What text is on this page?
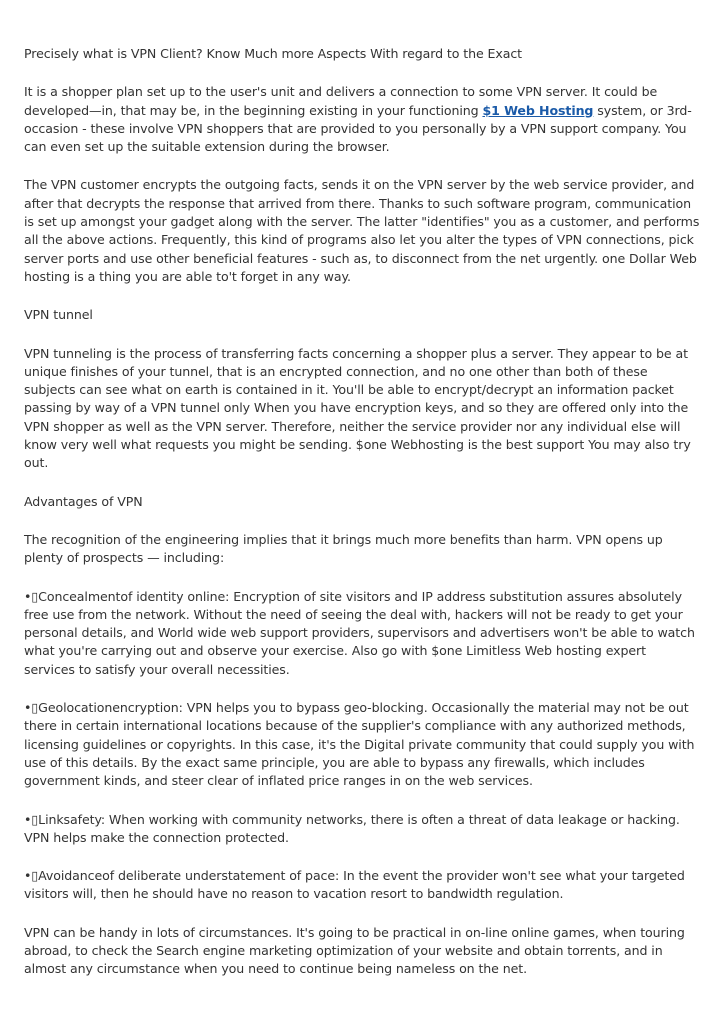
Precisely what is VPN Client? Know Much more Aspects With regard to the Exact

It is a shopper plan set up to the user's unit and delivers a connection to some VPN server. It could be developed—in, that may be, in the beginning existing in your functioning $1 Web Hosting system, or 3rd-occasion - these involve VPN shoppers that are provided to you personally by a VPN support company. You can even set up the suitable extension during the browser.

The VPN customer encrypts the outgoing facts, sends it on the VPN server by the web service provider, and after that decrypts the response that arrived from there. Thanks to such software program, communication is set up amongst your gadget along with the server. The latter "identifies" you as a customer, and performs all the above actions. Frequently, this kind of programs also let you alter the types of VPN connections, pick server ports and use other beneficial features - such as, to disconnect from the net urgently. one Dollar Web hosting is a thing you are able to't forget in any way.

VPN tunnel

VPN tunneling is the process of transferring facts concerning a shopper plus a server. They appear to be at unique finishes of your tunnel, that is an encrypted connection, and no one other than both of these subjects can see what on earth is contained in it. You'll be able to encrypt/decrypt an information packet passing by way of a VPN tunnel only When you have encryption keys, and so they are offered only into the VPN shopper as well as the VPN server. Therefore, neither the service provider nor any individual else will know very well what requests you might be sending. $one Webhosting is the best support You may also try out.

Advantages of VPN

The recognition of the engineering implies that it brings much more benefits than harm. VPN opens up plenty of prospects — including:

•▯Concealmentof identity online: Encryption of site visitors and IP address substitution assures absolutely free use from the network. Without the need of seeing the deal with, hackers will not be ready to get your personal details, and World wide web support providers, supervisors and advertisers won't be able to watch what you're carrying out and observe your exercise. Also go with $one Limitless Web hosting expert services to satisfy your overall necessities.

•▯Geolocationencryption: VPN helps you to bypass geo-blocking. Occasionally the material may not be out there in certain international locations because of the supplier's compliance with any authorized methods, licensing guidelines or copyrights. In this case, it's the Digital private community that could supply you with use of this details. By the exact same principle, you are able to bypass any firewalls, which includes government kinds, and steer clear of inflated price ranges in on the web services.

•▯Linksafety: When working with community networks, there is often a threat of data leakage or hacking. VPN helps make the connection protected.

•▯Avoidanceof deliberate understatement of pace: In the event the provider won't see what your targeted visitors will, then he should have no reason to vacation resort to bandwidth regulation.

VPN can be handy in lots of circumstances. It's going to be practical in on-line online games, when touring abroad, to check the Search engine marketing optimization of your website and obtain torrents, and in almost any circumstance when you need to continue being nameless on the net.
